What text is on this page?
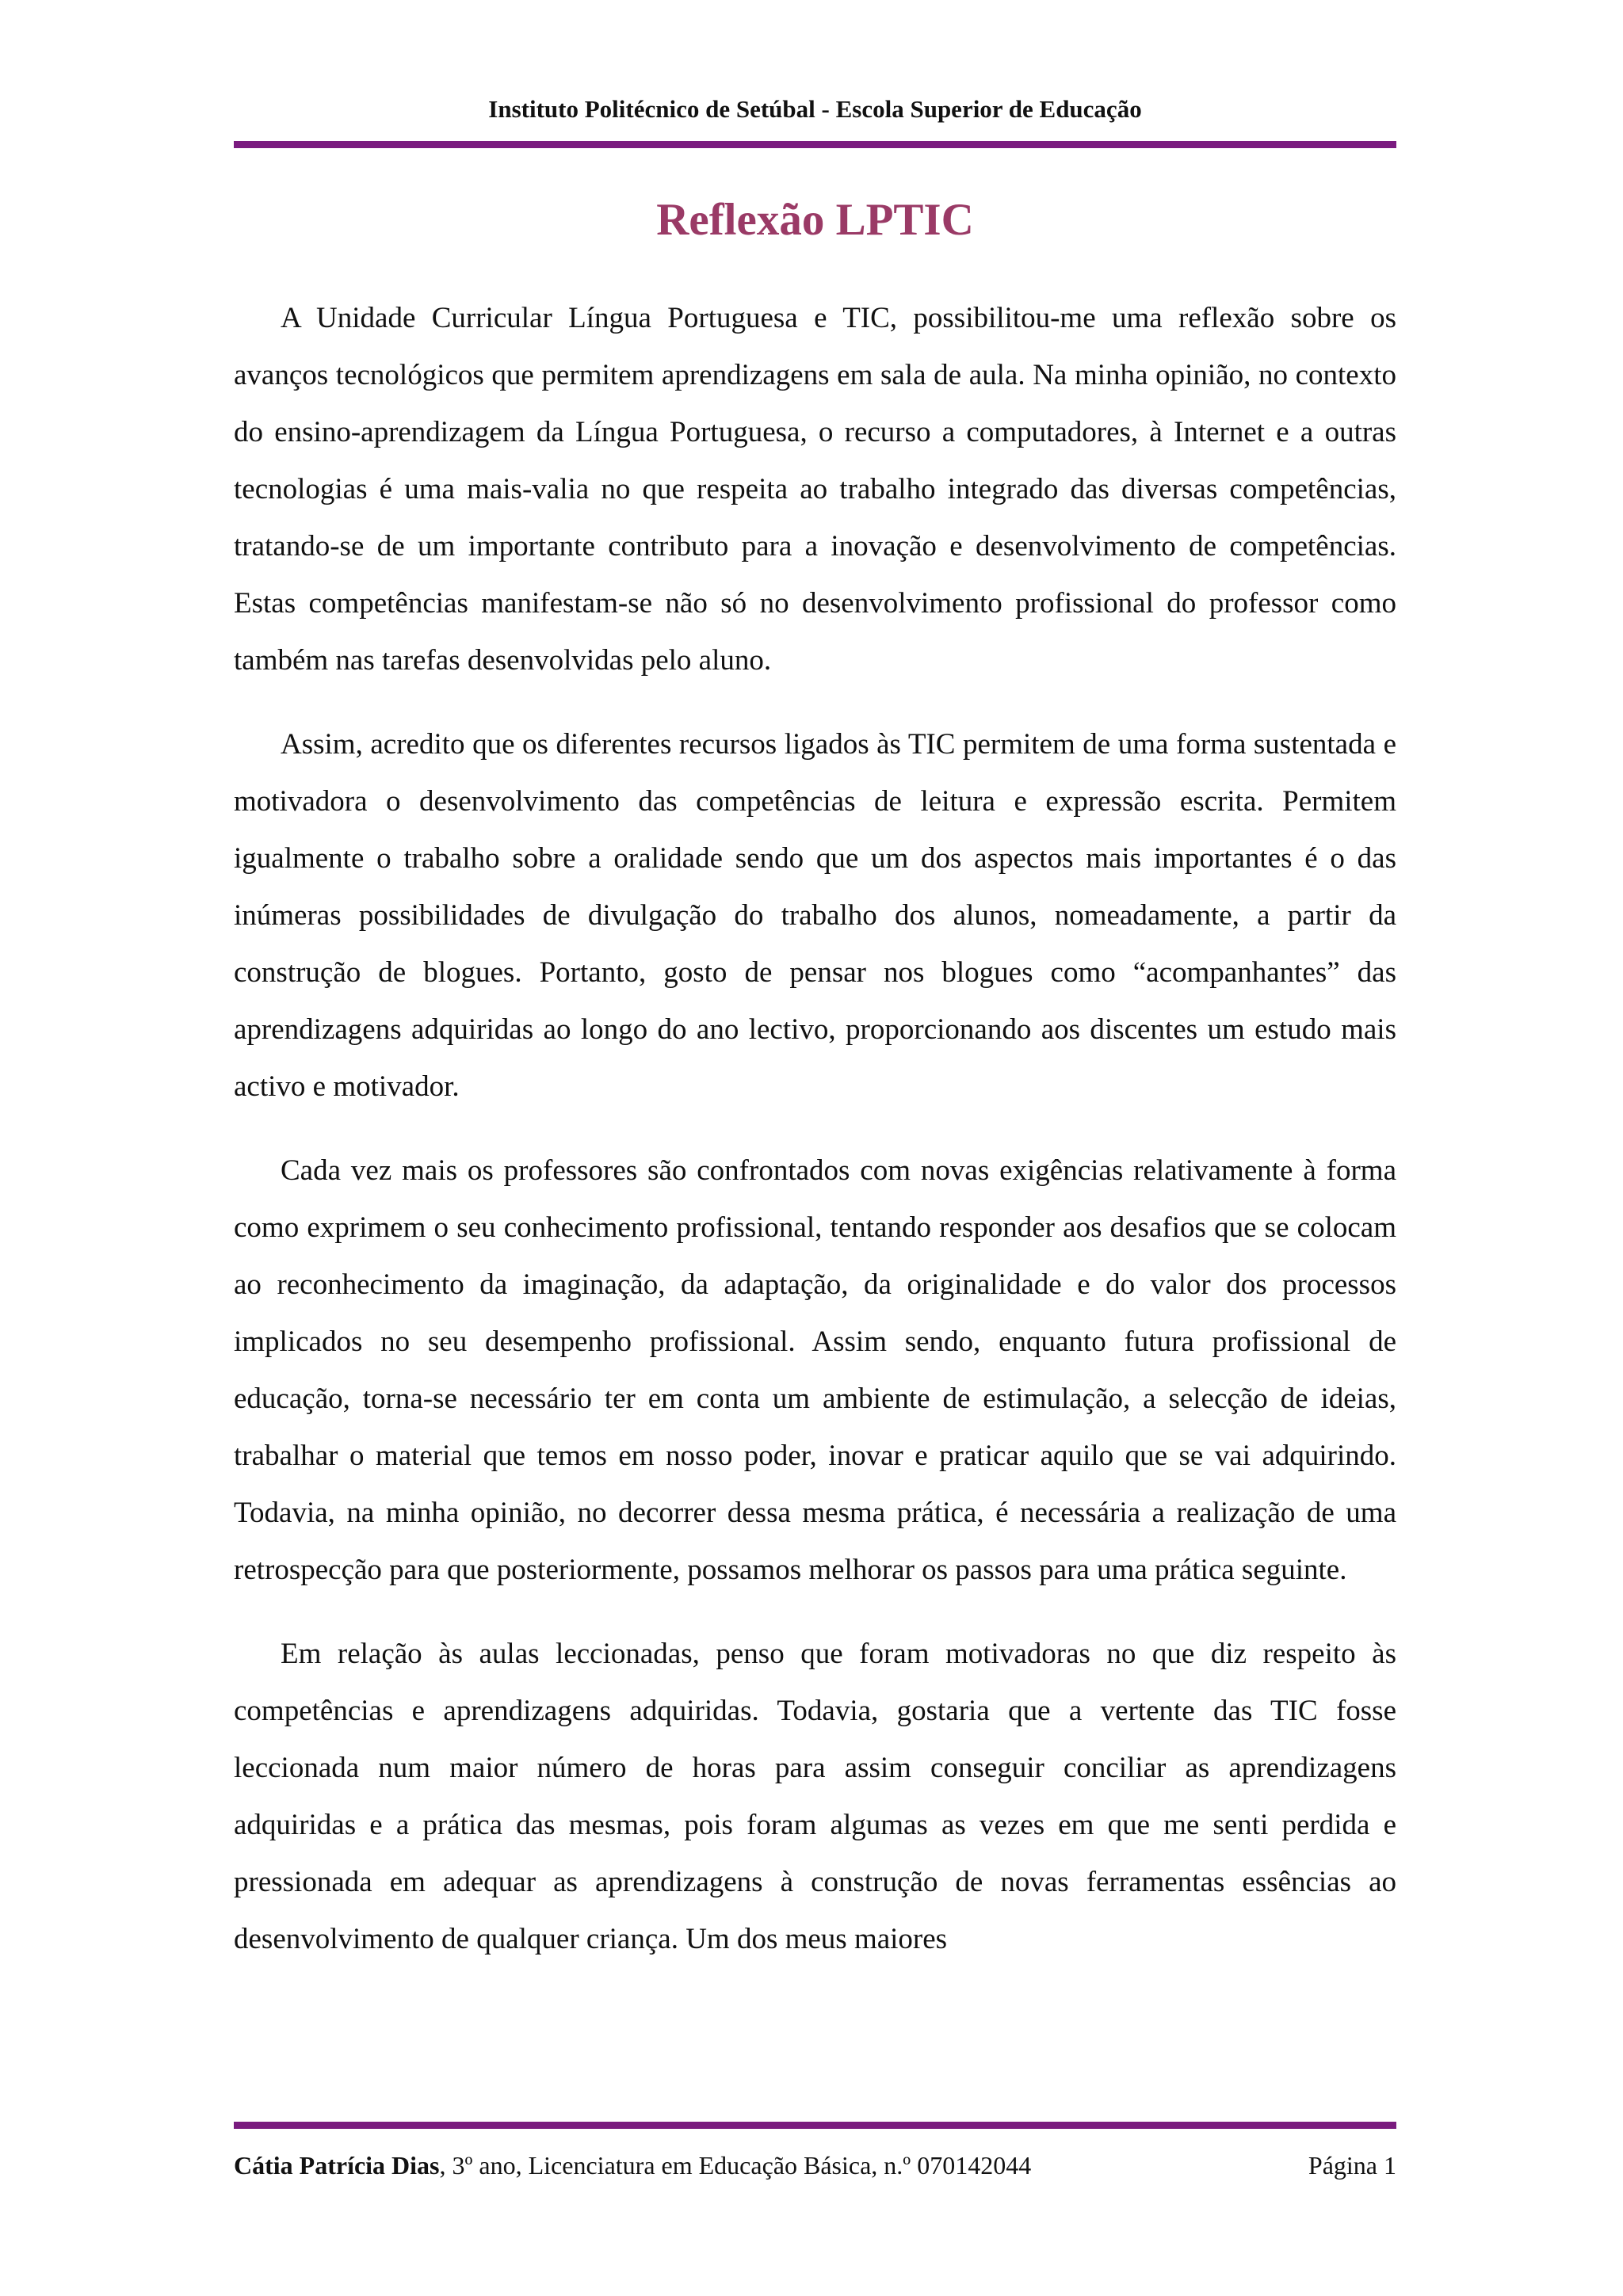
Instituto Politécnico de Setúbal - Escola Superior de Educação
Reflexão LPTIC

A Unidade Curricular Língua Portuguesa e TIC, possibilitou-me uma reflexão sobre os avanços tecnológicos que permitem aprendizagens em sala de aula. Na minha opinião, no contexto do ensino-aprendizagem da Língua Portuguesa, o recurso a computadores, à Internet e a outras tecnologias é uma mais-valia no que respeita ao trabalho integrado das diversas competências, tratando-se de um importante contributo para a inovação e desenvolvimento de competências. Estas competências manifestam-se não só no desenvolvimento profissional do professor como também nas tarefas desenvolvidas pelo aluno.

Assim, acredito que os diferentes recursos ligados às TIC permitem de uma forma sustentada e motivadora o desenvolvimento das competências de leitura e expressão escrita. Permitem igualmente o trabalho sobre a oralidade sendo que um dos aspectos mais importantes é o das inúmeras possibilidades de divulgação do trabalho dos alunos, nomeadamente, a partir da construção de blogues. Portanto, gosto de pensar nos blogues como “acompanhantes” das aprendizagens adquiridas ao longo do ano lectivo, proporcionando aos discentes um estudo mais activo e motivador.

Cada vez mais os professores são confrontados com novas exigências relativamente à forma como exprimem o seu conhecimento profissional, tentando responder aos desafios que se colocam ao reconhecimento da imaginação, da adaptação, da originalidade e do valor dos processos implicados no seu desempenho profissional. Assim sendo, enquanto futura profissional de educação, torna-se necessário ter em conta um ambiente de estimulação, a selecção de ideias, trabalhar o material que temos em nosso poder, inovar e praticar aquilo que se vai adquirindo. Todavia, na minha opinião, no decorrer dessa mesma prática, é necessária a realização de uma retrospecção para que posteriormente, possamos melhorar os passos para uma prática seguinte.

Em relação às aulas leccionadas, penso que foram motivadoras no que diz respeito às competências e aprendizagens adquiridas. Todavia, gostaria que a vertente das TIC fosse leccionada num maior número de horas para assim conseguir conciliar as aprendizagens adquiridas e a prática das mesmas, pois foram algumas as vezes em que me senti perdida e pressionada em adequar as aprendizagens à construção de novas ferramentas essências ao desenvolvimento de qualquer criança. Um dos meus maiores

Cátia Patrícia Dias, 3º ano, Licenciatura em Educação Básica, n.º 070142044	Página 1
